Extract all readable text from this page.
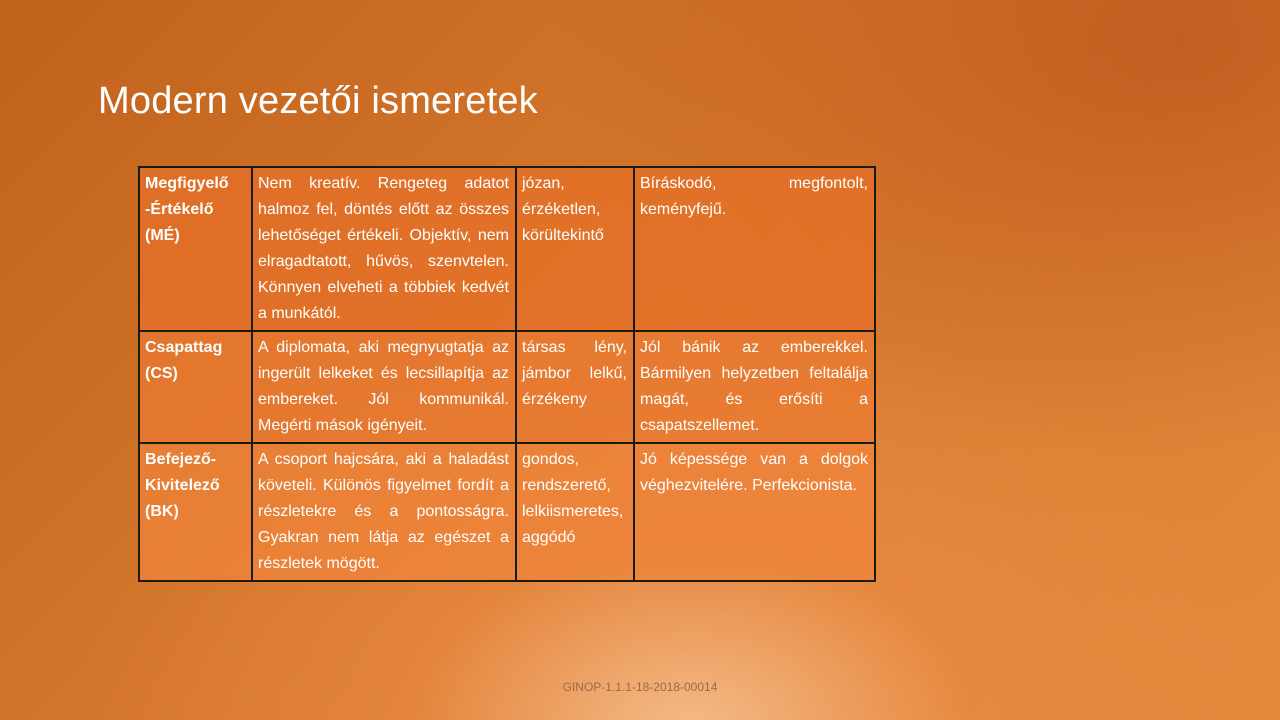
Modern vezetői ismeretek
Megfigyelő -Értékelő (MÉ)	Nem kreatív. Rengeteg adatot halmoz fel, döntés előtt az összes lehetőséget értékeli. Objektív, nem elragadtatott, hűvös, szenvtelen. Könnyen elveheti a többiek kedvét a munkától.	józan, érzéketlen, körültekintő	Bíráskodó, megfontolt, keményfejű.
Csapattag (CS)	A diplomata, aki megnyugtatja az ingerült lelkeket és lecsillapítja az embereket. Jól kommunikál. Megérti mások igényeit.	társas lény, jámbor lelkű, érzékeny	Jól bánik az emberekkel. Bármilyen helyzetben feltalálja magát, és erősíti a csapatszellemet.
Befejező-Kivitelező (BK)	A csoport hajcsára, aki a haladást követeli. Különös figyelmet fordít a részletekre és a pontosságra. Gyakran nem látja az egészet a részletek mögött.	gondos, rendszerető, lelkiismeretes, aggódó	Jó képessége van a dolgok véghezvitelére. Perfekcionista.
GINOP-1.1.1-18-2018-00014
